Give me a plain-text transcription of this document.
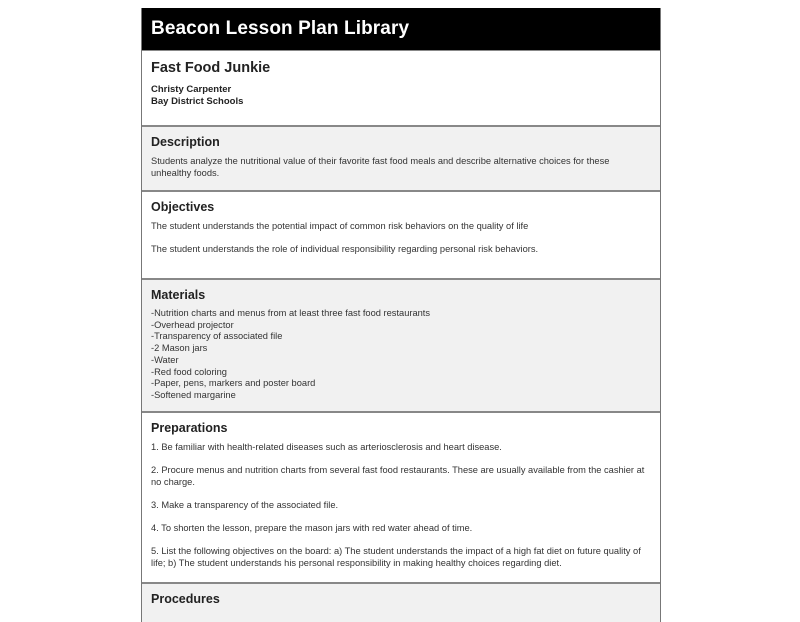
Beacon Lesson Plan Library
Fast Food Junkie
Christy Carpenter
Bay District Schools
Description
Students analyze the nutritional value of their favorite fast food meals and describe alternative choices for these unhealthy foods.
Objectives

The student understands the potential impact of common risk behaviors on the quality of life

The student understands the role of individual responsibility regarding personal risk behaviors.

Materials
-Nutrition charts and menus from at least three fast food restaurants
-Overhead projector
-Transparency of associated file
-2 Mason jars
-Water
-Red food coloring
-Paper, pens, markers and poster board
-Softened margarine
Preparations

1. Be familiar with health-related diseases such as arteriosclerosis and heart disease.

2. Procure menus and nutrition charts from several fast food restaurants. These are usually available from the cashier at no charge.

3. Make a transparency of the associated file.

4. To shorten the lesson, prepare the mason jars with red water ahead of time.

5. List the following objectives on the board: a) The student understands the impact of a high fat diet on future quality of life; b) The student understands his personal responsibility in making healthy choices regarding diet.

Procedures
